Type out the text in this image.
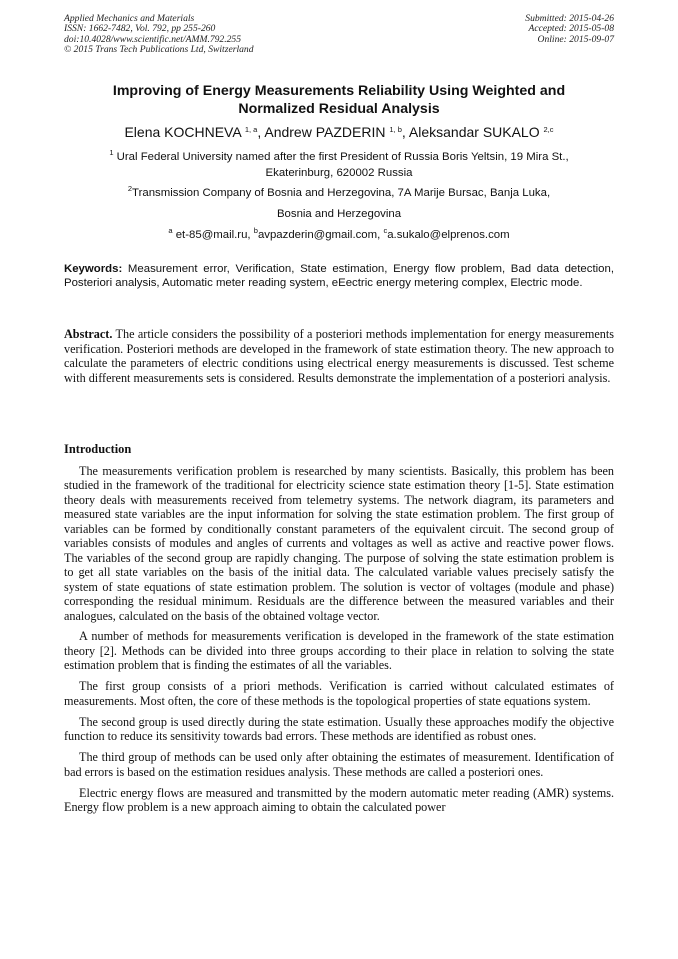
Applied Mechanics and Materials
ISSN: 1662-7482, Vol. 792, pp 255-260
doi:10.4028/www.scientific.net/AMM.792.255
© 2015 Trans Tech Publications Ltd, Switzerland
Submitted: 2015-04-26
Accepted: 2015-05-08
Online: 2015-09-07
Improving of Energy Measurements Reliability Using Weighted and
Normalized Residual Analysis
Elena KOCHNEVA $^{1, a}$, Andrew PAZDERIN $^{1, b}$, Aleksandar SUKALO $^{2,c}$
$^1$ Ural Federal University named after the first President of Russia Boris Yeltsin, 19 Mira St.,
Ekaterinburg, 620002 Russia
$^2$Transmission Company of Bosnia and Herzegovina, 7A Marije Bursac, Banja Luka,
Bosnia and Herzegovina
$^a$ et-85@mail.ru, $^b$avpazderin@gmail.com, $^c$a.sukalo@elprenos.com
Keywords: Measurement error, Verification, State estimation, Energy flow problem, Bad data detection, Posteriori analysis, Automatic meter reading system, eEectric energy metering complex, Electric mode.
Abstract. The article considers the possibility of a posteriori methods implementation for energy measurements verification. Posteriori methods are developed in the framework of state estimation theory. The new approach to calculate the parameters of electric conditions using electrical energy measurements is discussed. Test scheme with different measurements sets is considered. Results demonstrate the implementation of a posteriori analysis.
Introduction

The measurements verification problem is researched by many scientists. Basically, this problem has been studied in the framework of the traditional for electricity science state estimation theory [1-5]. State estimation theory deals with measurements received from telemetry systems. The network diagram, its parameters and measured state variables are the input information for solving the state estimation problem. The first group of variables can be formed by conditionally constant parameters of the equivalent circuit. The second group of variables consists of modules and angles of currents and voltages as well as active and reactive power flows. The variables of the second group are rapidly changing. The purpose of solving the state estimation problem is to get all state variables on the basis of the initial data. The calculated variable values precisely satisfy the system of state equations of state estimation problem. The solution is vector of voltages (module and phase) corresponding the residual minimum. Residuals are the difference between the measured variables and their analogues, calculated on the basis of the obtained voltage vector.

A number of methods for measurements verification is developed in the framework of the state estimation theory [2]. Methods can be divided into three groups according to their place in relation to solving the state estimation problem that is finding the estimates of all the variables.

The first group consists of a priori methods. Verification is carried without calculated estimates of measurements. Most often, the core of these methods is the topological properties of state equations system.

The second group is used directly during the state estimation. Usually these approaches modify the objective function to reduce its sensitivity towards bad errors. These methods are identified as robust ones.

The third group of methods can be used only after obtaining the estimates of measurement. Identification of bad errors is based on the estimation residues analysis. These methods are called a posteriori ones.

Electric energy flows are measured and transmitted by the modern automatic meter reading (AMR) systems. Energy flow problem is a new approach aiming to obtain the calculated power
